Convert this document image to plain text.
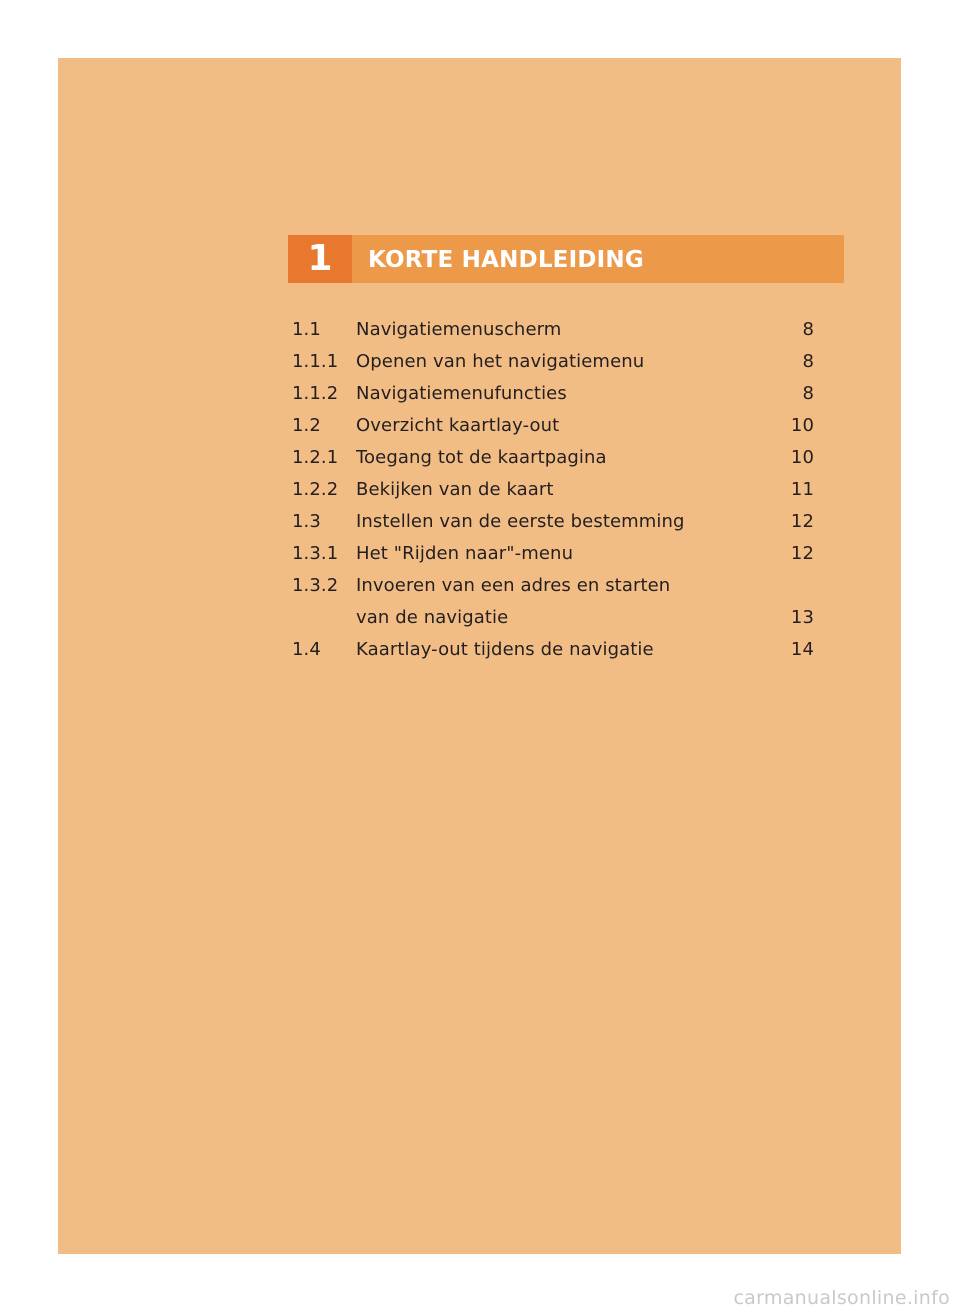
1	KORTE HANDLEIDING
1.1 Navigatiemenuscherm	8
1.1.1 Openen van het navigatiemenu	8
1.1.2 Navigatiemenufuncties	8
1.2 Overzicht kaartlay-out	10
1.2.1 Toegang tot de kaartpagina	10
1.2.2 Bekijken van de kaart	11
1.3 Instellen van de eerste bestemming	12
1.3.1 Het "Rijden naar"-menu	12
1.3.2 Invoeren van een adres en starten
van de navigatie	13
1.4 Kaartlay-out tijdens de navigatie	14
carmanualsonline.info
